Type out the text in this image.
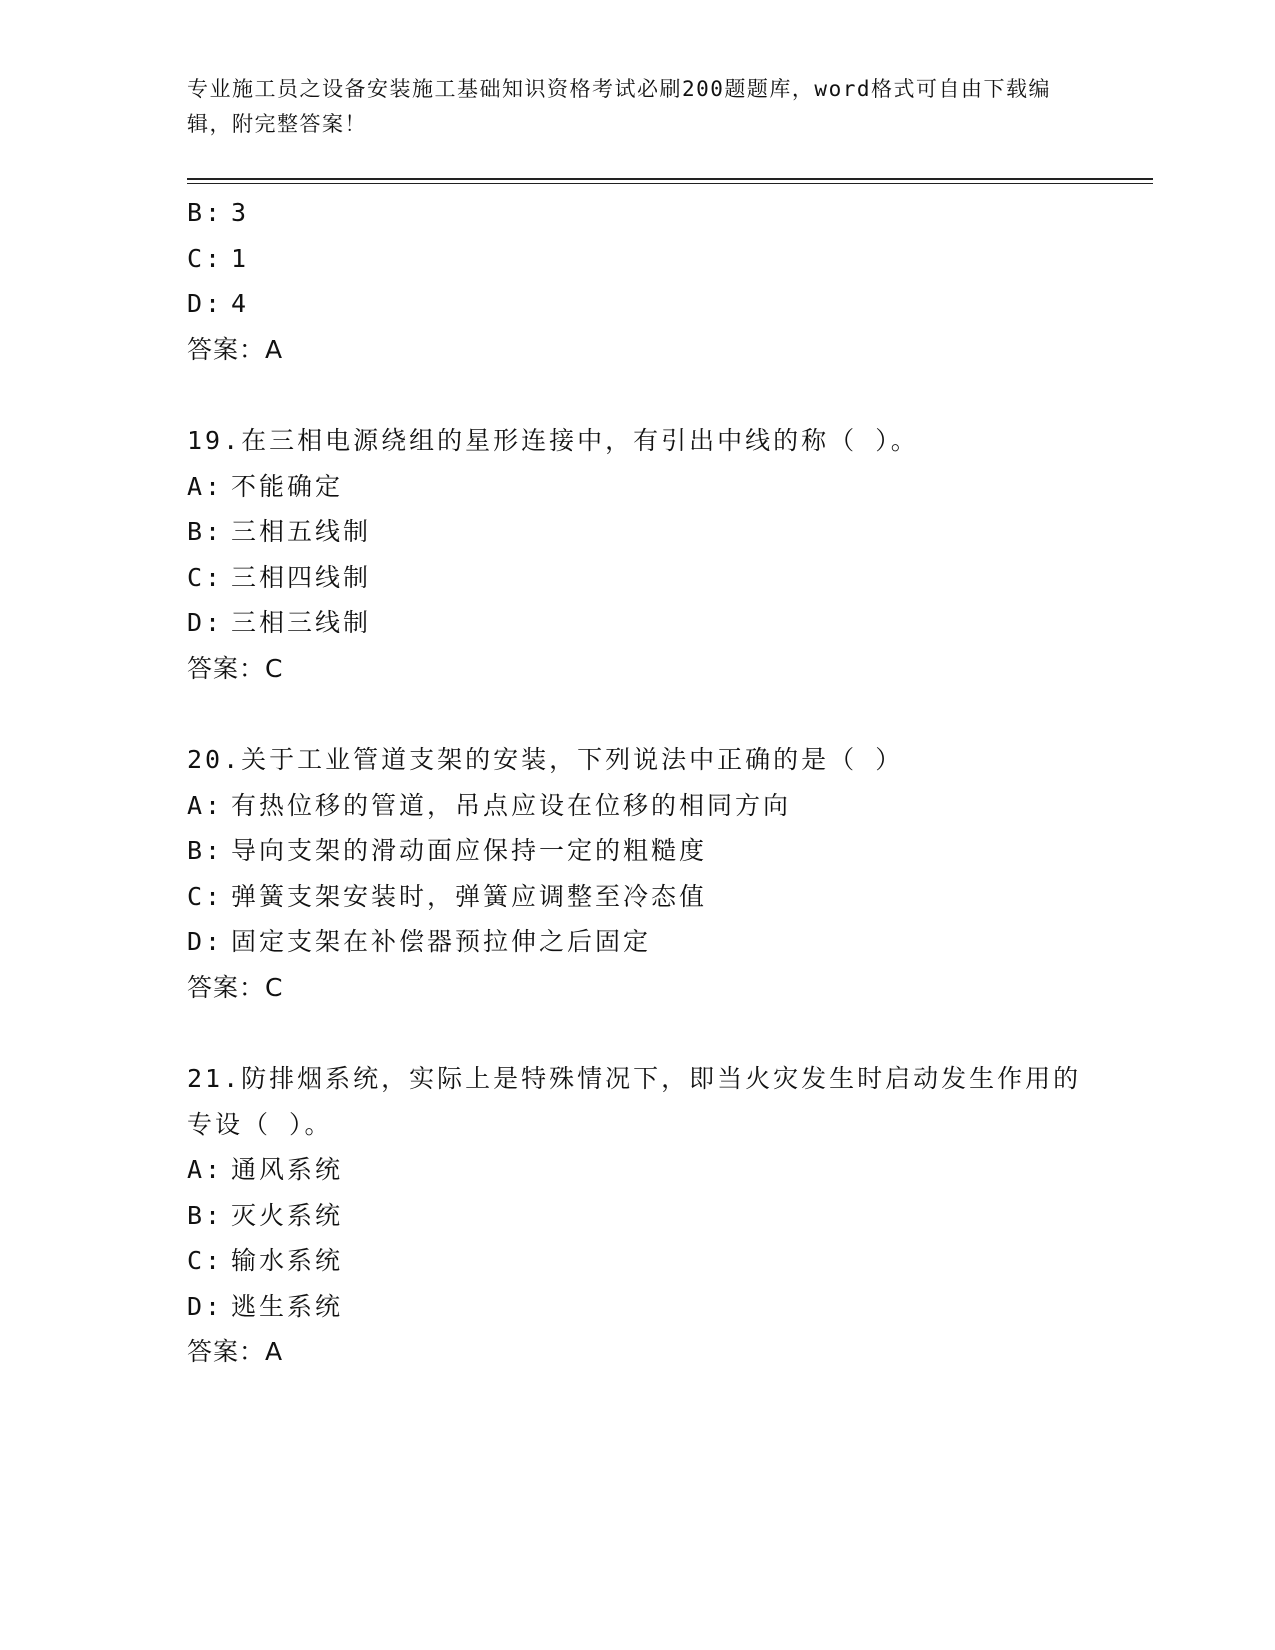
专业施工员之设备安装施工基础知识资格考试必刷200题题库，word格式可自由下载编辑，附完整答案！
B: 3
C: 1
D: 4
答案：A
19.在三相电源绕组的星形连接中，有引出中线的称（ ）。
A: 不能确定
B: 三相五线制
C: 三相四线制
D: 三相三线制
答案：C
20.关于工业管道支架的安装，下列说法中正确的是（ ）
A: 有热位移的管道，吊点应设在位移的相同方向
B: 导向支架的滑动面应保持一定的粗糙度
C: 弹簧支架安装时，弹簧应调整至冷态值
D: 固定支架在补偿器预拉伸之后固定
答案：C
21.防排烟系统，实际上是特殊情况下，即当火灾发生时启动发生作用的专设（ ）。
A: 通风系统
B: 灭火系统
C: 输水系统
D: 逃生系统
答案：A
